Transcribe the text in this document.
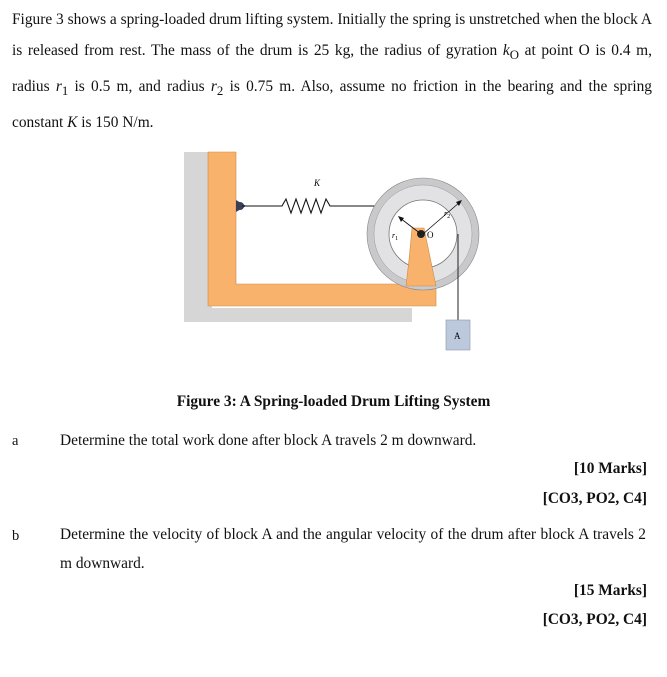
Figure 3 shows a spring-loaded drum lifting system. Initially the spring is unstretched when the block A is released from rest. The mass of the drum is 25 kg, the radius of gyration $k_O$ at point O is 0.4 m, radius $r_1$ is 0.5 m, and radius $r_2$ is 0.75 m. Also, assume no friction in the bearing and the spring constant K is 150 N/m.
K
$r_1$	O
$r_2$
A
Figure 3: A Spring-loaded Drum Lifting System
a	Determine the total work done after block A travels 2 m downward.
[10 Marks]
[CO3, PO2, C4]
b	Determine the velocity of block A and the angular velocity of the drum after block A travels 2 m downward.
[15 Marks]
[CO3, PO2, C4]
